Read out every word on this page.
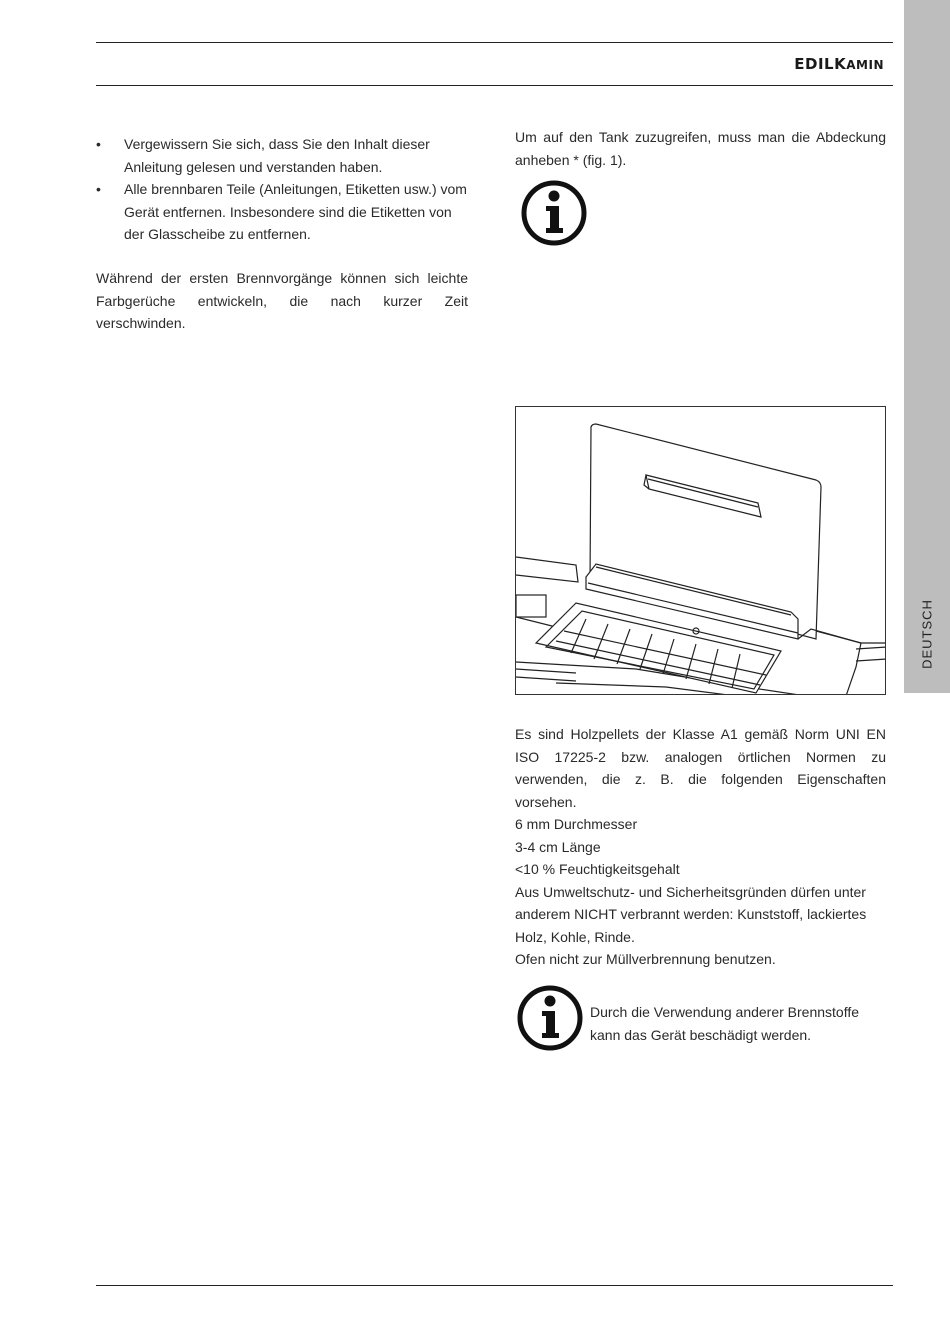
EDILKAMIN
DEUTSCH
• Vergewissern Sie sich, dass Sie den Inhalt dieser Anleitung gelesen und verstanden haben.
• Alle brennbaren Teile (Anleitungen, Etiketten usw.) vom Gerät entfernen. Insbesondere sind die Etiketten von der Glasscheibe zu entfernen.

Während der ersten Brennvorgänge können sich leichte Farbgerüche entwickeln, die nach kurzer Zeit verschwinden.

Um auf den Tank zuzugreifen, muss man die Abdeckung anheben * (fig. 1).

Es sind Holzpellets der Klasse A1 gemäß Norm UNI EN ISO 17225-2 bzw. analogen örtlichen Normen zu verwenden, die z. B. die folgenden Eigenschaften vorsehen.
6 mm Durchmesser
3-4 cm Länge
<10 % Feuchtigkeitsgehalt
Aus Umweltschutz- und Sicherheitsgründen dürfen unter anderem NICHT verbrannt werden: Kunststoff, lackiertes Holz, Kohle, Rinde.
Ofen nicht zur Müllverbrennung benutzen.

Durch die Verwendung anderer Brennstoffe kann das Gerät beschädigt werden.
